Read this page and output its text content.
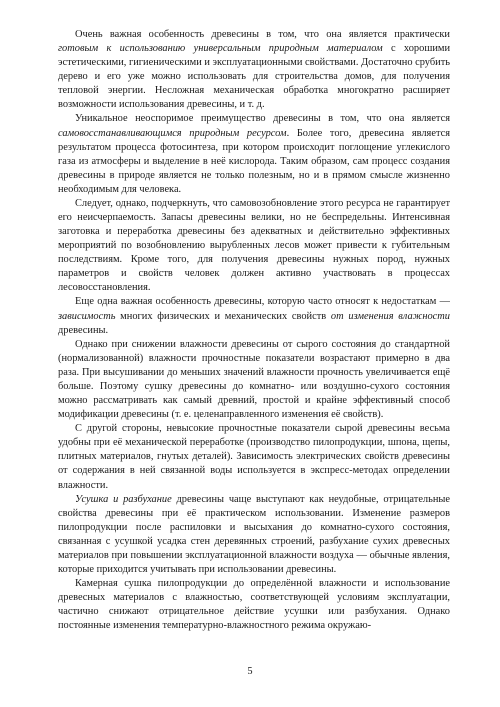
Очень важная особенность древесины в том, что она является практически готовым к использованию универсальным природным материалом с хорошими эстетическими, гигиеническими и эксплуатационными свойствами. Достаточно срубить дерево и его уже можно использовать для строительства домов, для получения тепловой энергии. Несложная механическая обработка многократно расширяет возможности использования древесины, и т. д.

Уникальное неоспоримое преимущество древесины в том, что она является самовосстанавливающимся природным ресурсом. Более того, древесина является результатом процесса фотосинтеза, при котором происходит поглощение углекислого газа из атмосферы и выделение в неё кислорода. Таким образом, сам процесс создания древесины в природе является не только полезным, но и в прямом смысле жизненно необходимым для человека.

Следует, однако, подчеркнуть, что самовозобновление этого ресурса не гарантирует его неисчерпаемость. Запасы древесины велики, но не беспредельны. Интенсивная заготовка и переработка древесины без адекватных и действительно эффективных мероприятий по возобновлению вырубленных лесов может привести к губительным последствиям. Кроме того, для получения древесины нужных пород, нужных параметров и свойств человек должен активно участвовать в процессах лесовосстановления.

Еще одна важная особенность древесины, которую часто относят к недостаткам — зависимость многих физических и механических свойств от изменения влажности древесины.

Однако при снижении влажности древесины от сырого состояния до стандартной (нормализованной) влажности прочностные показатели возрастают примерно в два раза. При высушивании до меньших значений влажности прочность увеличивается ещё больше. Поэтому сушку древесины до комнатно- или воздушно-сухого состояния можно рассматривать как самый древний, простой и крайне эффективный способ модификации древесины (т. е. целенаправленного изменения её свойств).

С другой стороны, невысокие прочностные показатели сырой древесины весьма удобны при её механической переработке (производство пилопродукции, шпона, щепы, плитных материалов, гнутых деталей). Зависимость электрических свойств древесины от содержания в ней связанной воды используется в экспресс-методах определении влажности.

Усушка и разбухание древесины чаще выступают как неудобные, отрицательные свойства древесины при её практическом использовании. Изменение размеров пилопродукции после распиловки и высыхания до комнатно-сухого состояния, связанная с усушкой усадка стен деревянных строений, разбухание сухих древесных материалов при повышении эксплуатационной влажности воздуха — обычные явления, которые приходится учитывать при использовании древесины.

Камерная сушка пилопродукции до определённой влажности и использование древесных материалов с влажностью, соответствующей условиям эксплуатации, частично снижают отрицательное действие усушки или разбухания. Однако постоянные изменения температурно-влажностного режима окружаю-

5
